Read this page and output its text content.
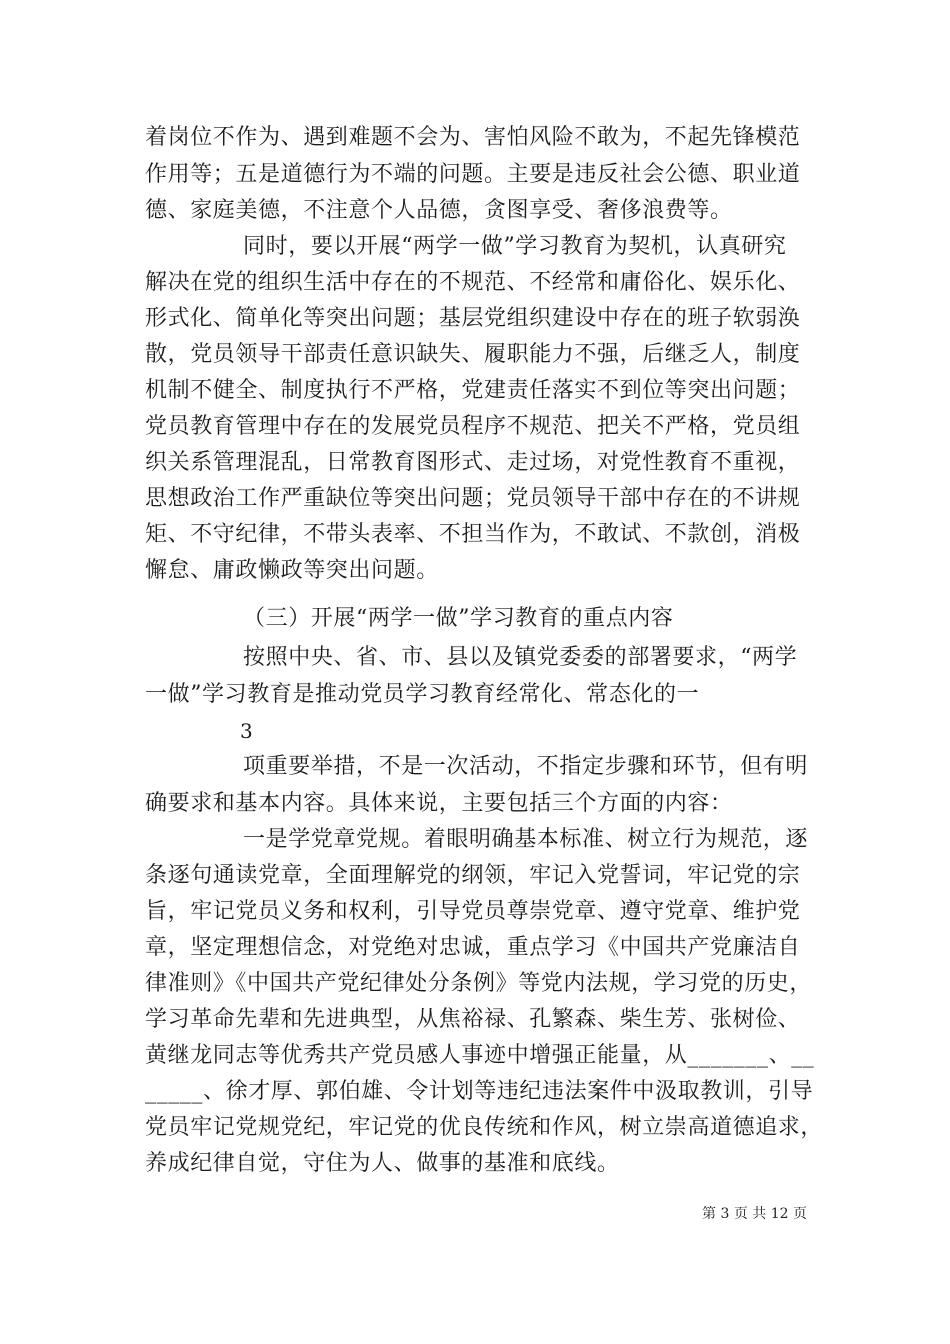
着岗位不作为、遇到难题不会为、害怕风险不敢为，不起先锋模范
作用等；五是道德行为不端的问题。主要是违反社会公德、职业道
德、家庭美德，不注意个人品德，贪图享受、奢侈浪费等。
同时，要以开展“两学一做”学习教育为契机，认真研究
解决在党的组织生活中存在的不规范、不经常和庸俗化、娱乐化、
形式化、简单化等突出问题；基层党组织建设中存在的班子软弱涣
散，党员领导干部责任意识缺失、履职能力不强，后继乏人，制度
机制不健全、制度执行不严格，党建责任落实不到位等突出问题；
党员教育管理中存在的发展党员程序不规范、把关不严格，党员组
织关系管理混乱，日常教育图形式、走过场，对党性教育不重视，
思想政治工作严重缺位等突出问题；党员领导干部中存在的不讲规
矩、不守纪律，不带头表率、不担当作为，不敢试、不款创，消极
懈怠、庸政懒政等突出问题。
（三）开展“两学一做”学习教育的重点内容
按照中央、省、市、县以及镇党委委的部署要求，“两学
一做”学习教育是推动党员学习教育经常化、常态化的一
3
项重要举措，不是一次活动，不指定步骤和环节，但有明
确要求和基本内容。具体来说，主要包括三个方面的内容：
一是学党章党规。着眼明确基本标准、树立行为规范，逐
条逐句通读党章，全面理解党的纲领，牢记入党誓词，牢记党的宗
旨，牢记党员义务和权利，引导党员尊崇党章、遵守党章、维护党
章，坚定理想信念，对党绝对忠诚，重点学习《中国共产党廉洁自
律准则》《中国共产党纪律处分条例》等党内法规，学习党的历史，
学习革命先辈和先进典型，从焦裕禄、孔繁森、柴生芳、张树俭、
黄继龙同志等优秀共产党员感人事迹中增强正能量，从_______、__
_____、徐才厚、郭伯雄、令计划等违纪违法案件中汲取教训，引导
党员牢记党规党纪，牢记党的优良传统和作风，树立崇高道德追求，
养成纪律自觉，守住为人、做事的基准和底线。
第 3 页 共 12 页
